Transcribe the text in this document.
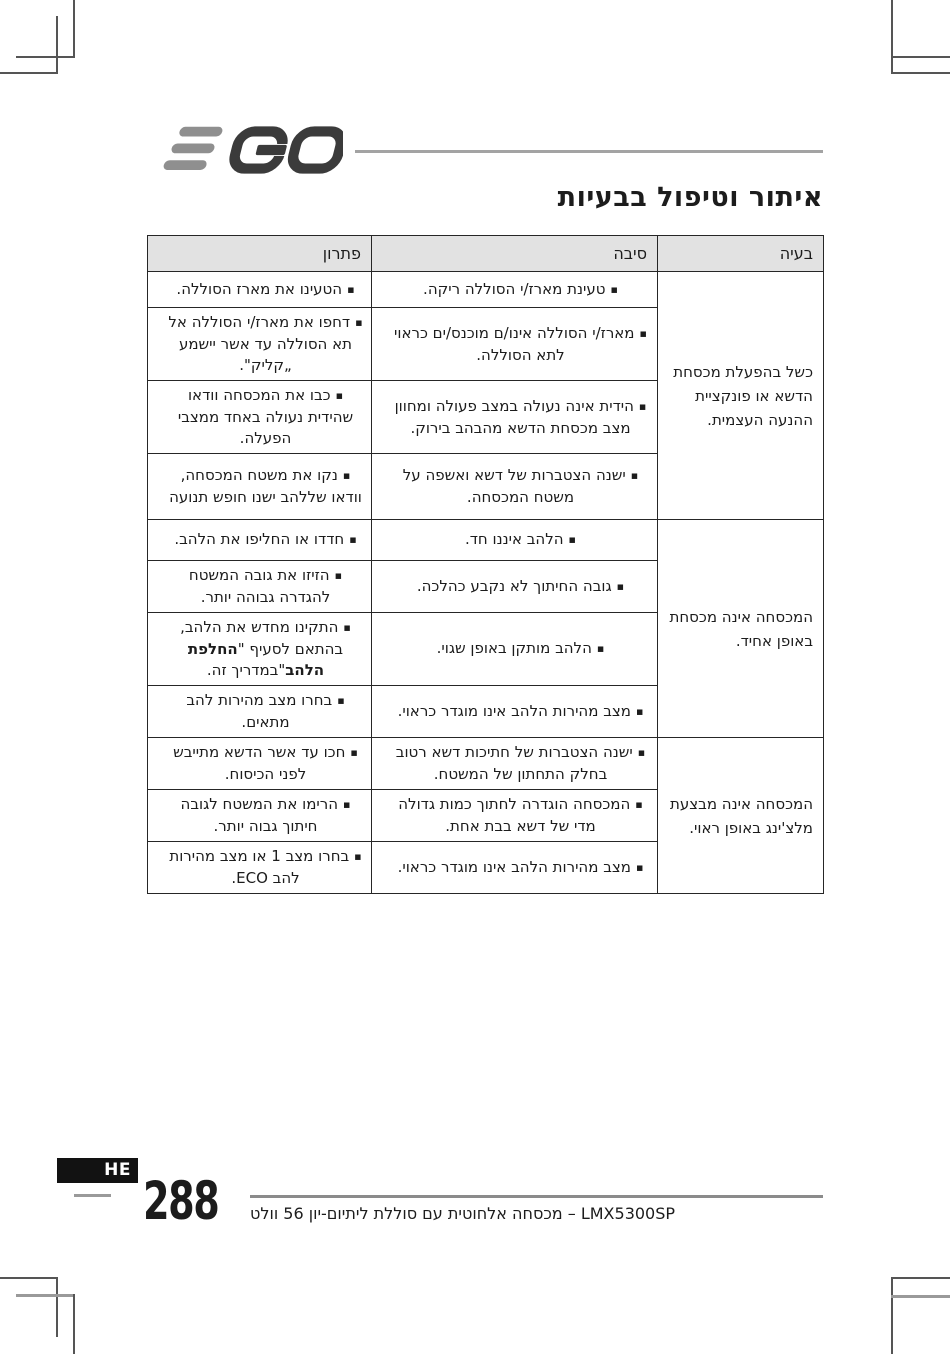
איתור וטיפול בבעיות
בעיה	סיבה	פתרון
כשל בהפעלת מכסחת הדשא או פונקציית ההנעה העצמית.	▪טעינת מארז/י הסוללה ריקה.	▪הטעינו את מארז הסוללה.
	▪מארז/י הסוללה אינו/ם מוכנס/ים כראוי לתא הסוללה.	▪דחפו את מארז/י הסוללה אל תא הסוללה עד אשר יישמע „קליק".
	▪הידית אינה נעולה במצב פעולה ומחוון מצב מכסחת הדשא מהבהב בירוק.	▪כבו את המכסחה וודאו שהידית נעולה באחד ממצבי הפעלה.
	▪ישנה הצטברות של דשא ואשפה על משטח המכסחה.	▪נקו את משטח המכסחה, וודאו שללהב ישנו חופש תנועה
המכסחה אינה מכסחת באופן אחיד.	▪הלהב איננו חד.	▪חדדו או החליפו את הלהב.
	▪גובה החיתוך לא נקבע כהלכה.	▪הזיזו את גובה המשטח להגדרה גבוהה יותר.
	▪הלהב מותקן באופן שגוי.	▪התקינו מחדש את הלהב, בהתאם לסעיף "החלפת הלהב"במדריך זה.
	▪מצב מהירות הלהב אינו מוגדר כראוי.	▪בחרו מצב מהירות להב מתאים.
המכסחה אינה מבצעת מלצ'ינג באופן ראוי.	▪ישנה הצטברות של חתיכות דשא רטוב בחלק התחתון של המשטח.	▪חכו עד אשר הדשא מתייבש לפני הכיסוח.
	▪המכסחה הוגדרה לחתוך כמות גדולה מדי של דשא בבת אחת.	▪הרימו את המשטח לגובה חיתוך גבוה יותר.
	▪מצב מהירות הלהב אינו מוגדר כראוי.	▪בחרו מצב 1 או מצב מהירות להב ECO.
HE
288 LMX5300SP – מכסחה אלחוטית עם סוללת ליתיום-יון 56 וולט
